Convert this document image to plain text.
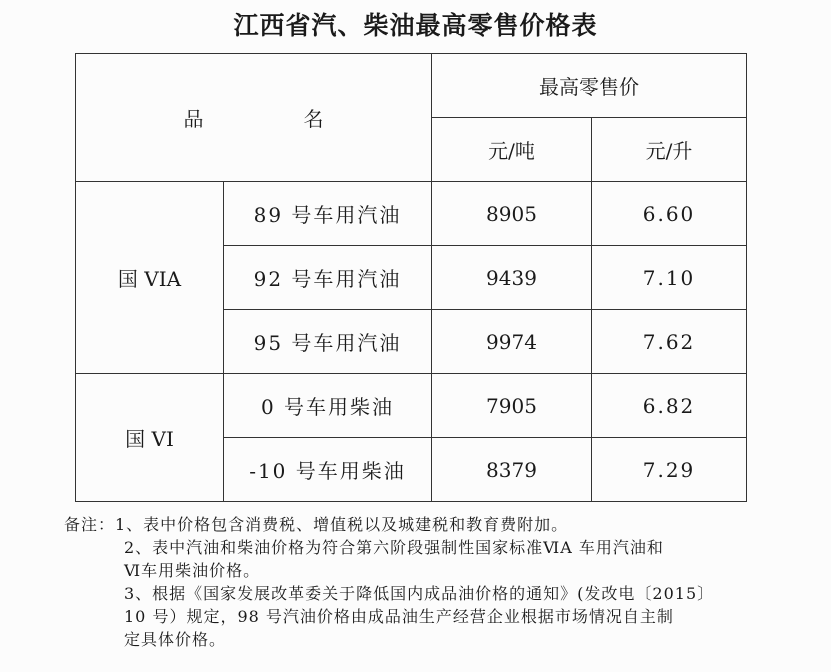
江西省汽、柴油最高零售价格表
品　名		最高零售价	
		元/吨	元/升
国 VIA	89 号车用汽油	8905	6.60
	92 号车用汽油	9439	7.10
	95 号车用汽油	9974	7.62
国 VI	0 号车用柴油	7905	6.82
	-10 号车用柴油	8379	7.29
备注：1、表中价格包含消费税、增值税以及城建税和教育费附加。
2、表中汽油和柴油价格为符合第六阶段强制性国家标准ⅥA 车用汽油和
Ⅵ车用柴油价格。
3、根据《国家发展改革委关于降低国内成品油价格的通知》(发改电〔2015〕
10 号）规定，98 号汽油价格由成品油生产经营企业根据市场情况自主制
定具体价格。
